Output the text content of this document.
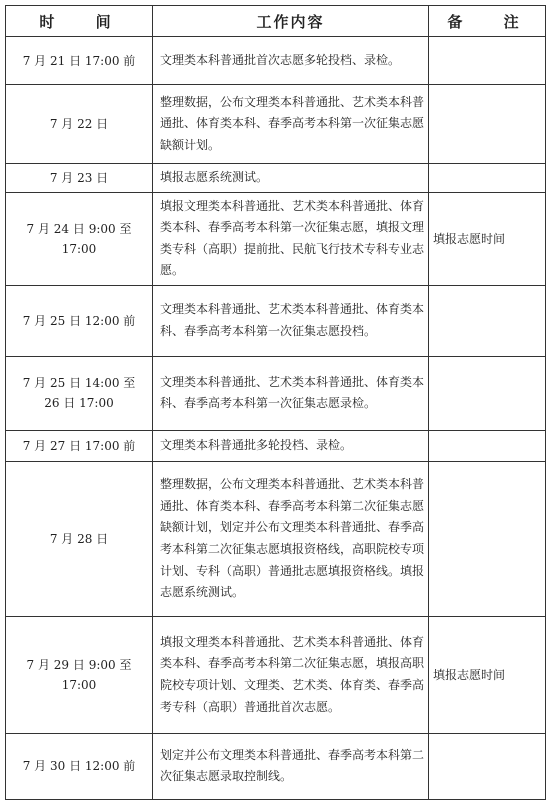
时 间	工作内容	备 注
7 月 21 日 17:00 前	文理类本科普通批首次志愿多轮投档、录检。	
7 月 22 日	整理数据，公布文理类本科普通批、艺术类本科普通批、体育类本科、春季高考本科第一次征集志愿缺额计划。	
7 月 23 日	填报志愿系统测试。	
7 月 24 日 9:00 至 17:00	填报文理类本科普通批、艺术类本科普通批、体育类本科、春季高考本科第一次征集志愿，填报文理类专科（高职）提前批、民航飞行技术专科专业志愿。	填报志愿时间
7 月 25 日 12:00 前	文理类本科普通批、艺术类本科普通批、体育类本科、春季高考本科第一次征集志愿投档。	
7 月 25 日 14:00 至 26 日 17:00	文理类本科普通批、艺术类本科普通批、体育类本科、春季高考本科第一次征集志愿录检。	
7 月 27 日 17:00 前	文理类本科普通批多轮投档、录检。	
7 月 28 日	整理数据，公布文理类本科普通批、艺术类本科普通批、体育类本科、春季高考本科第二次征集志愿缺额计划，划定并公布文理类本科普通批、春季高考本科第二次征集志愿填报资格线，高职院校专项计划、专科（高职）普通批志愿填报资格线。填报志愿系统测试。	
7 月 29 日 9:00 至 17:00	填报文理类本科普通批、艺术类本科普通批、体育类本科、春季高考本科第二次征集志愿，填报高职院校专项计划、文理类、艺术类、体育类、春季高考专科（高职）普通批首次志愿。	填报志愿时间
7 月 30 日 12:00 前	划定并公布文理类本科普通批、春季高考本科第二次征集志愿录取控制线。	
